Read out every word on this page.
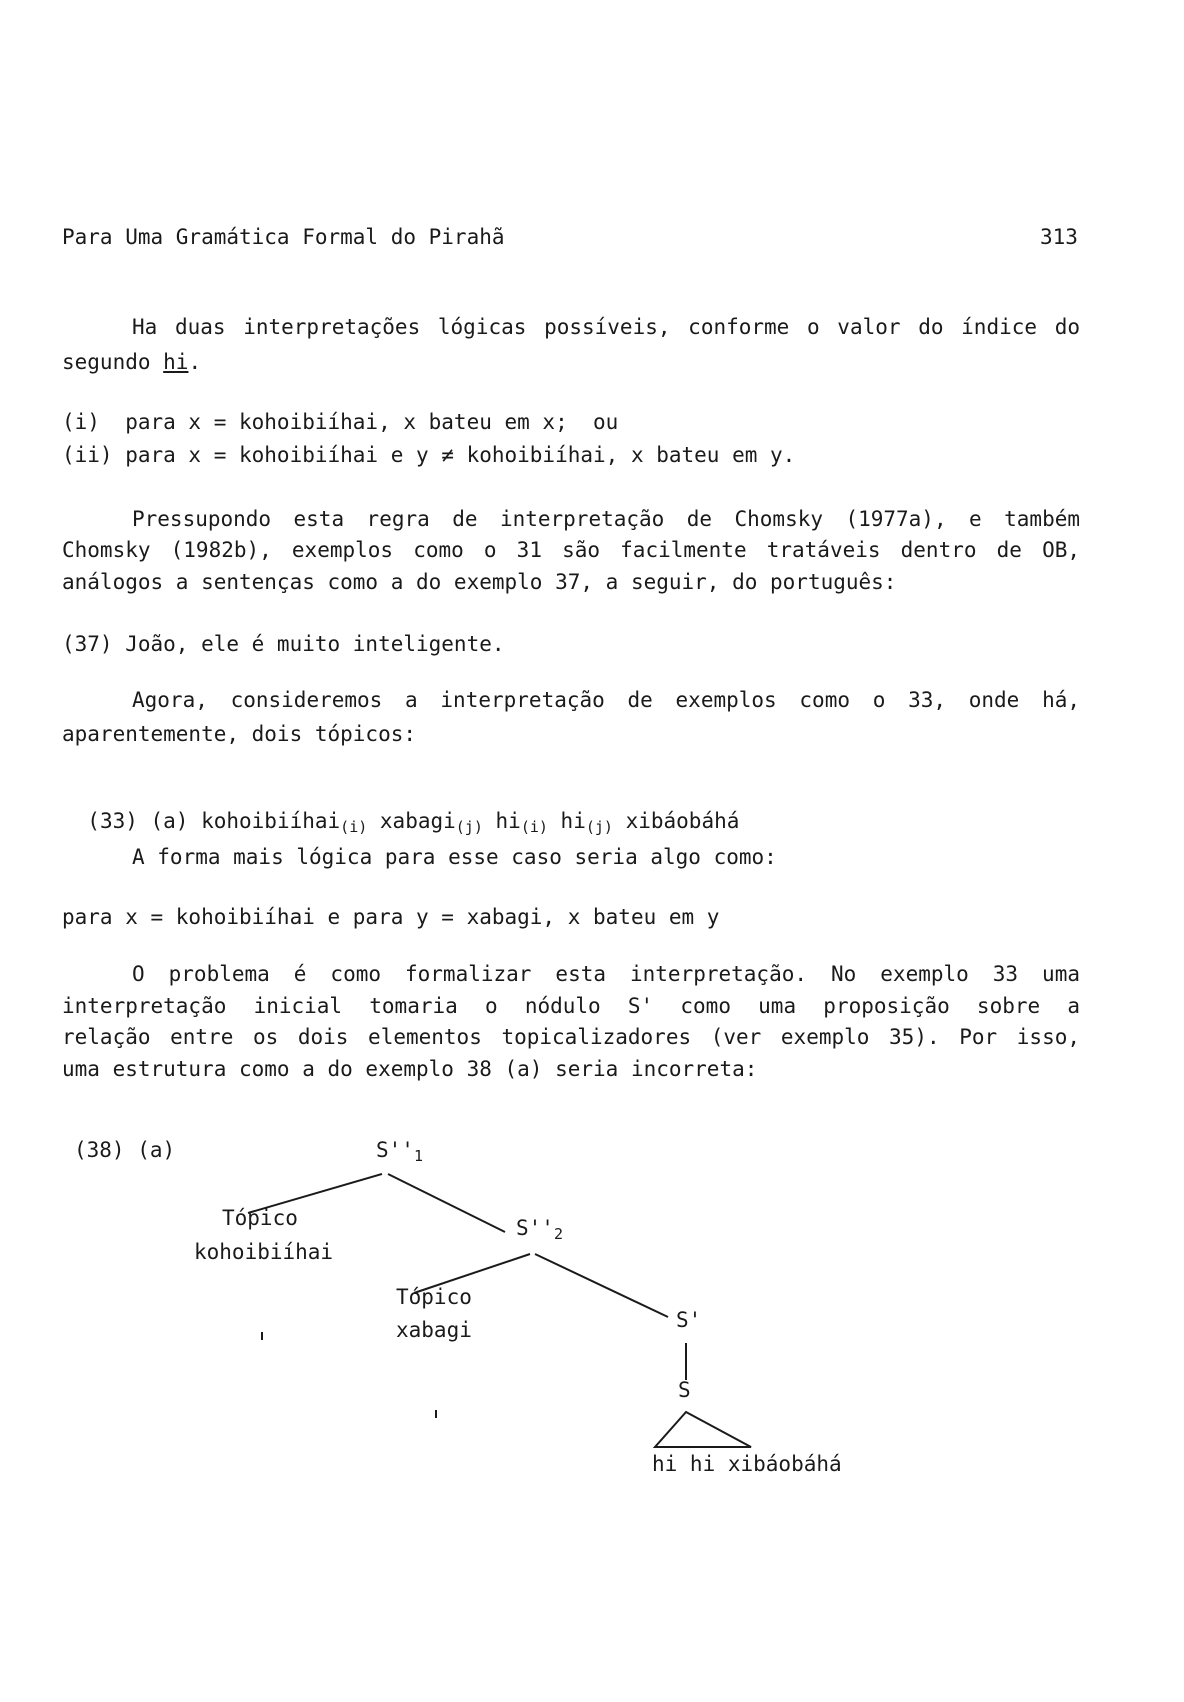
Para Uma Gramática Formal do Pirahã	313
Ha duas interpretações lógicas possíveis, conforme o valor do índice do
segundo hi.
(i)  para x = kohoibiíhai, x bateu em x;  ou
(ii) para x = kohoibiíhai e y ≠ kohoibiíhai, x bateu em y.
Pressupondo esta regra de interpretação de Chomsky (1977a), e também
Chomsky (1982b), exemplos como o 31 são facilmente tratáveis dentro de OB,
análogos a sentenças como a do exemplo 37, a seguir, do português:
(37) João, ele é muito inteligente.
Agora, consideremos a interpretação de exemplos como o 33, onde há,
aparentemente, dois tópicos:

(33) (a) kohoibiíhai$_{(i)}$ xabagi$_{(j)}$ $hi_{(i)}$ $hi_{(j)}$ xibáobáhá

A forma mais lógica para esse caso seria algo como:
para x = kohoibiíhai e para y = xabagi, x bateu em y
O problema é como formalizar esta interpretação. No exemplo 33 uma
interpretação inicial tomaria o nódulo S' como uma proposição sobre a
relação entre os dois elementos topicalizadores (ver exemplo 35). Por isso,
uma estrutura como a do exemplo 38 (a) seria incorreta:
(38) (a)	$S''_1$
Tópico
kohoibiíhai
$S''_2$
Tópico
xabagi	S'
S
hi hi xibáobáhá
